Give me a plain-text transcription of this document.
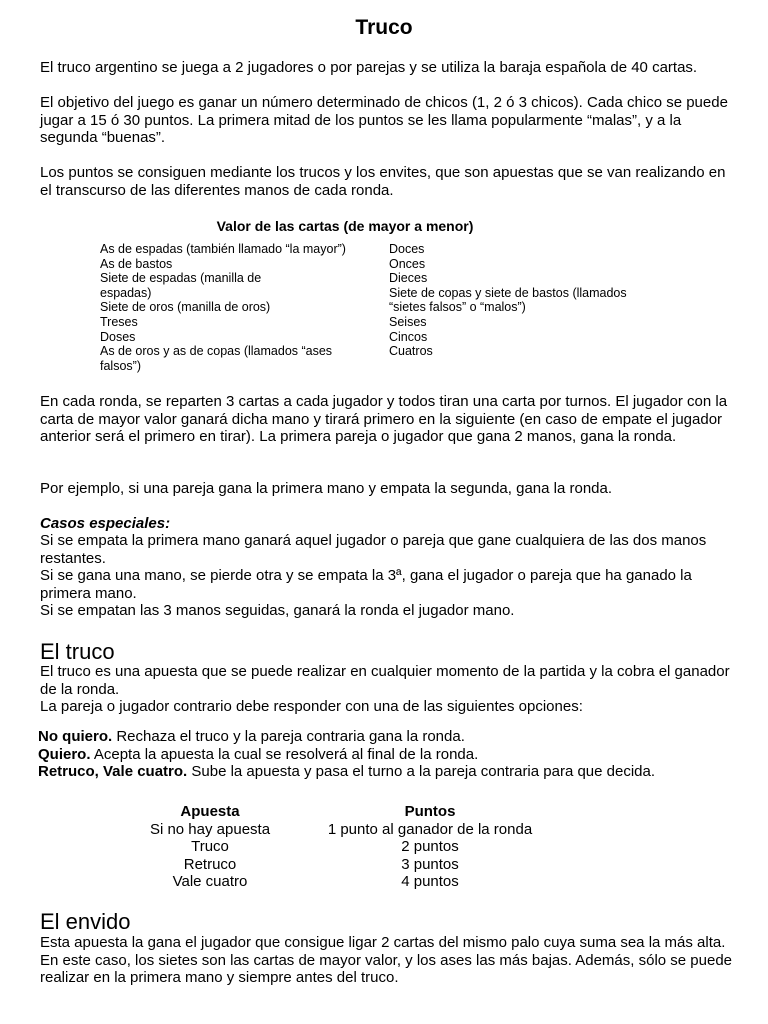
Truco

El truco argentino se juega a 2 jugadores o por parejas y se utiliza la baraja española de 40 cartas.

El objetivo del juego es ganar un número determinado de chicos (1, 2 ó 3 chicos). Cada chico se puede jugar a 15 ó 30 puntos. La primera mitad de los puntos se les llama popularmente “malas”, y a la segunda “buenas”.

Los puntos se consiguen mediante los trucos y los envites, que son apuestas que se van realizando en el transcurso de las diferentes manos de cada ronda.

Valor de las cartas (de mayor a menor)
As de espadas (también llamado “la mayor”)
As de bastos
Siete de espadas (manilla de
espadas)
Siete de oros (manilla de oros)
Treses
Doses
As de oros y as de copas (llamados “ases
falsos”)
Doces
Onces
Dieces
Siete de copas y siete de bastos (llamados
“sietes falsos” o “malos”)
Seises
Cincos
Cuatros

En cada ronda, se reparten 3 cartas a cada jugador y todos tiran una carta por turnos. El jugador con la carta de mayor valor ganará dicha mano y tirará primero en la siguiente (en caso de empate el jugador anterior será el primero en tirar). La primera pareja o jugador que gana 2 manos, gana la ronda.

Por ejemplo, si una pareja gana la primera mano y empata la segunda, gana la ronda.

Casos especiales:

Si se empata la primera mano ganará aquel jugador o pareja que gane cualquiera de las dos manos restantes.

Si se gana una mano, se pierde otra y se empata la 3ª, gana el jugador o pareja que ha ganado la primera mano.

Si se empatan las 3 manos seguidas, ganará la ronda el jugador mano.

El truco

El truco es una apuesta que se puede realizar en cualquier momento de la partida y la cobra el ganador de la ronda.

La pareja o jugador contrario debe responder con una de las siguientes opciones:

No quiero. Rechaza el truco y la pareja contraria gana la ronda.
Quiero. Acepta la apuesta la cual se resolverá al final de la ronda.
Retruco, Vale cuatro. Sube la apuesta y pasa el turno a la pareja contraria para que decida.
Apuesta
Si no hay apuesta
Truco
Retruco
Vale cuatro
Puntos
1 punto al ganador de la ronda
2 puntos
3 puntos
4 puntos
El envido

Esta apuesta la gana el jugador que consigue ligar 2 cartas del mismo palo cuya suma sea la más alta. En este caso, los sietes son las cartas de mayor valor, y los ases las más bajas. Además, sólo se puede realizar en la primera mano y siempre antes del truco.
